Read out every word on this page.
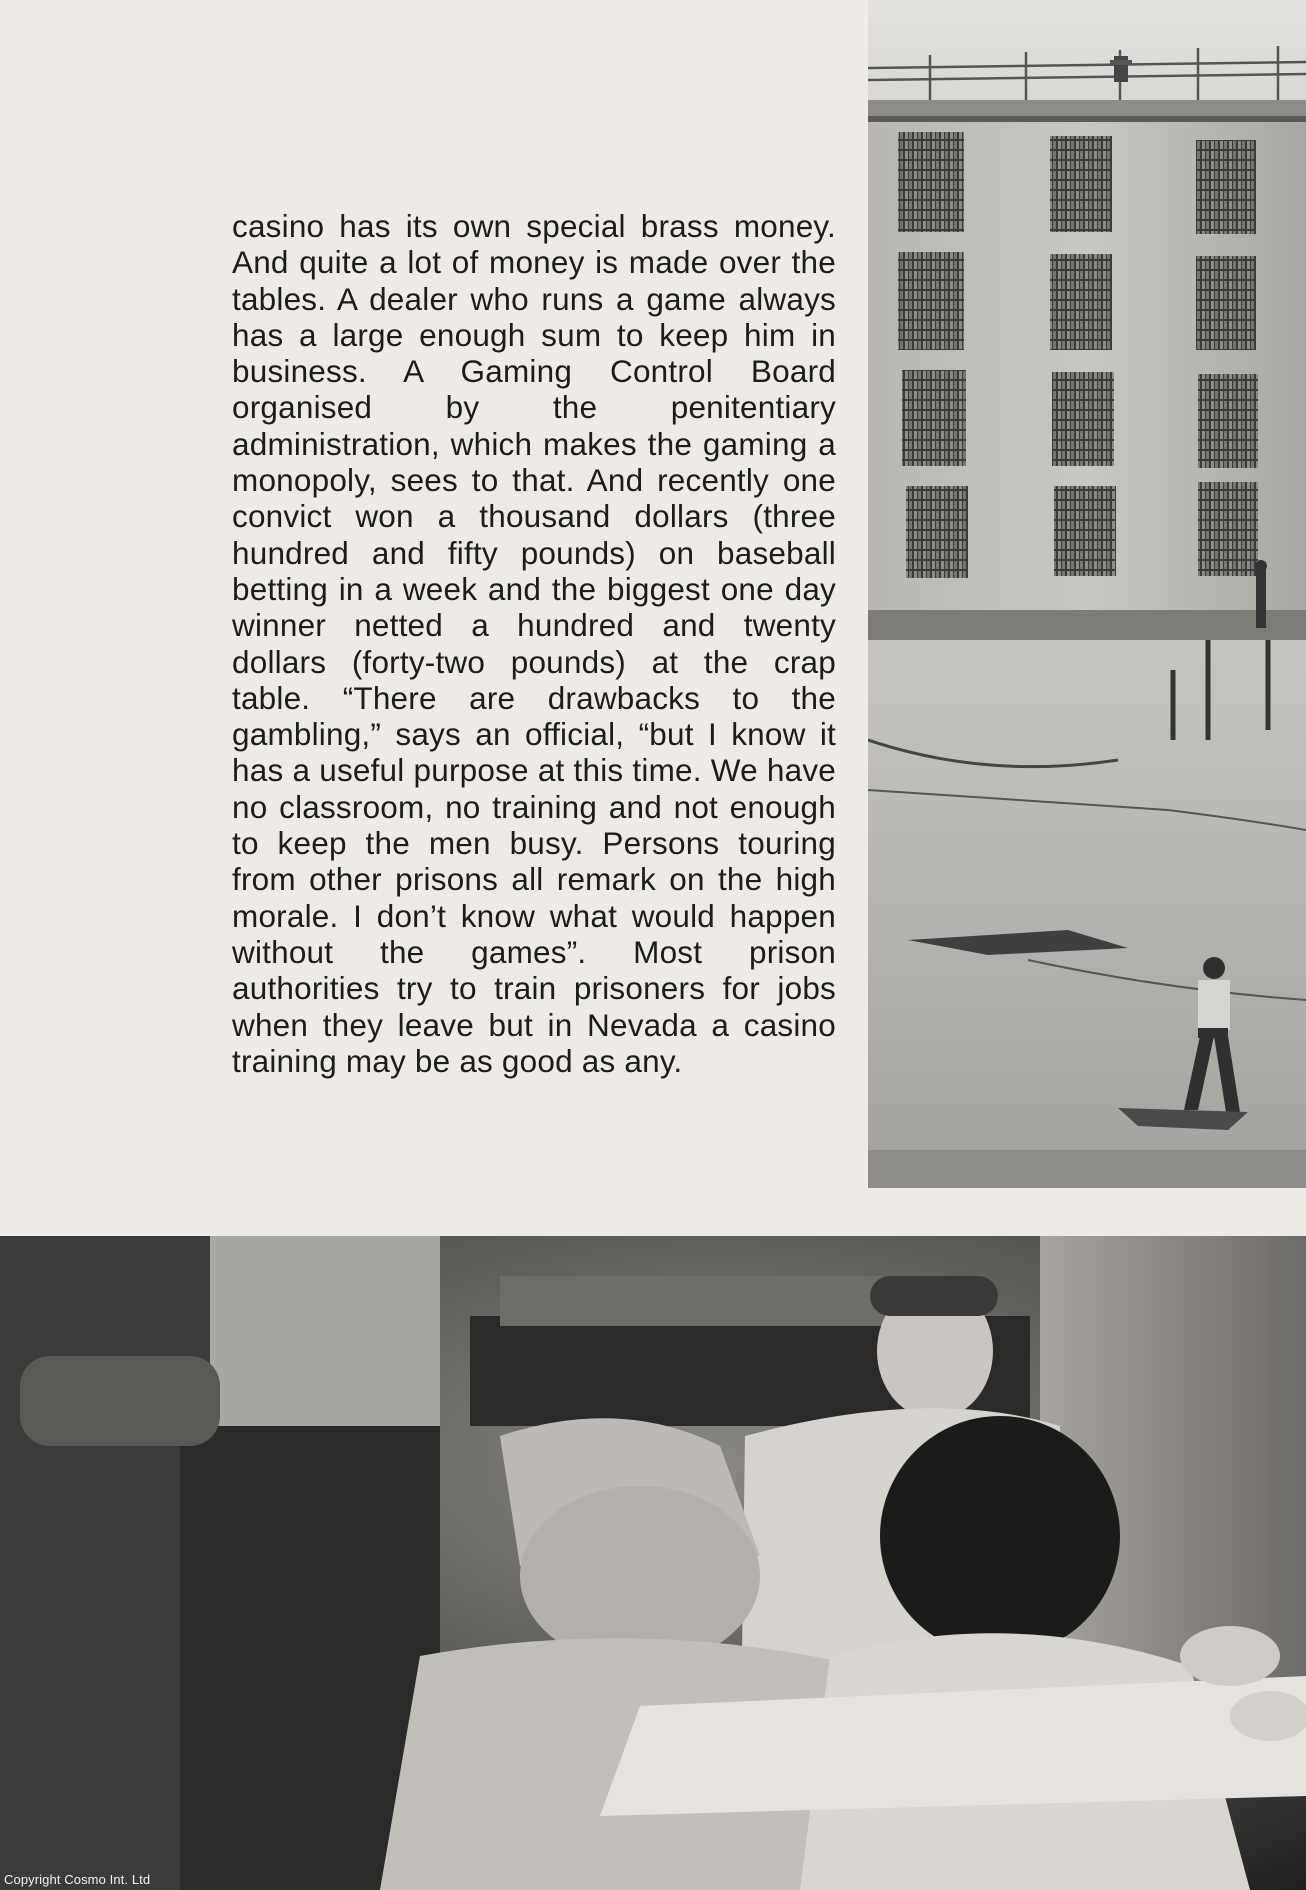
casino has its own special brass money. And quite a lot of money is made over the tables. A dealer who runs a game always has a large enough sum to keep him in business. A Gaming Control Board organised by the penitentiary administration, which makes the gaming a monopoly, sees to that. And recently one convict won a thousand dollars (three hundred and fifty pounds) on baseball betting in a week and the biggest one day winner netted a hundred and twenty dollars (forty-two pounds) at the crap table. “There are drawbacks to the gambling,” says an official, “but I know it has a useful purpose at this time. We have no classroom, no training and not enough to keep the men busy. Persons touring from other prisons all remark on the high morale. I don’t know what would happen without the games”. Most prison authorities try to train prisoners for jobs when they leave but in Nevada a casino training may be as good as any.

Copyright Cosmo Int. Ltd
